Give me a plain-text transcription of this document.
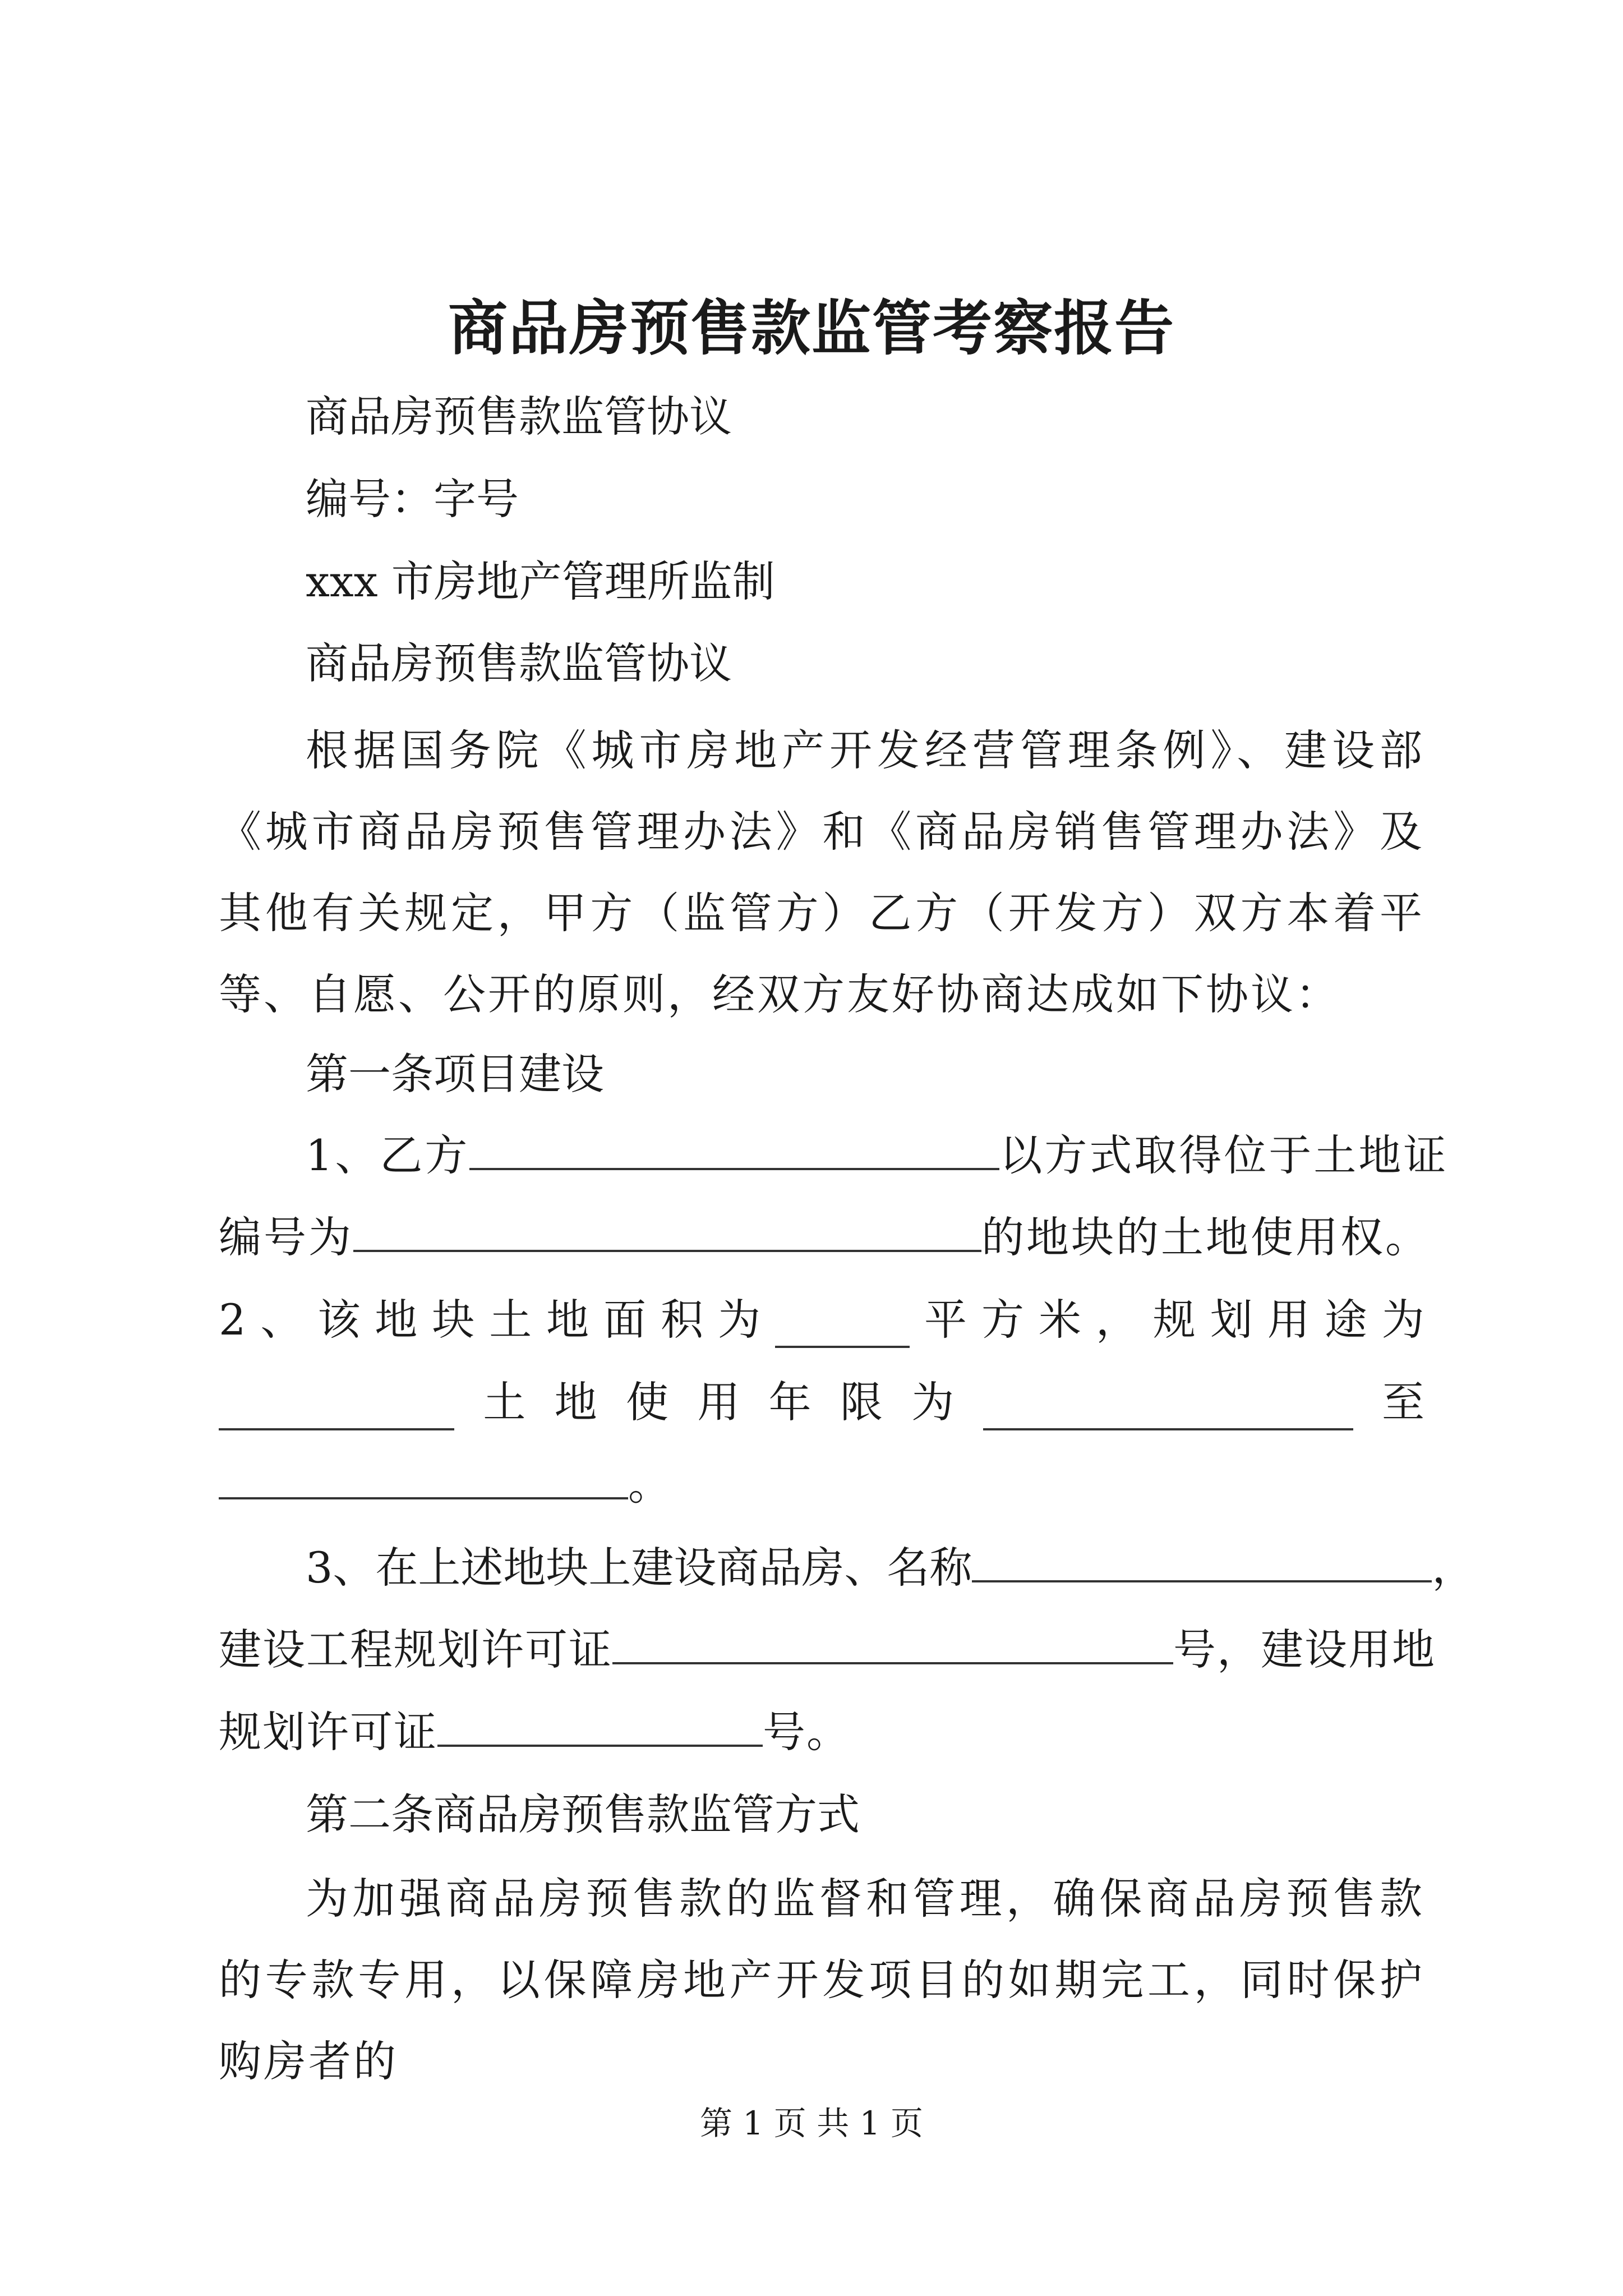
商品房预售款监管考察报告
商品房预售款监管协议
编号：字号
xxx 市房地产管理所监制
商品房预售款监管协议
根据国务院《城市房地产开发经营管理条例》、建设部《城市商品房预售管理办法》和《商品房销售管理办法》及其他有关规定，甲方（监管方）乙方（开发方）双方本着平等、自愿、公开的原则，经双方友好协商达成如下协议：
第一条项目建设
1、乙方	以方式取得位于土地证
编号为	的地块的土地使用权。
2 、 该 地 块 土 地 面 积 为	平 方 米 ， 规 划 用 途 为
土 地 使 用 年 限 为	至
。
3、在上述地块上建设商品房、名称	，
建设工程规划许可证	号，建设用地
规划许可证	号。
第二条商品房预售款监管方式
为加强商品房预售款的监督和管理，确保商品房预售款的专款专用，以保障房地产开发项目的如期完工，同时保护购房者的
第 1 页 共 1 页
